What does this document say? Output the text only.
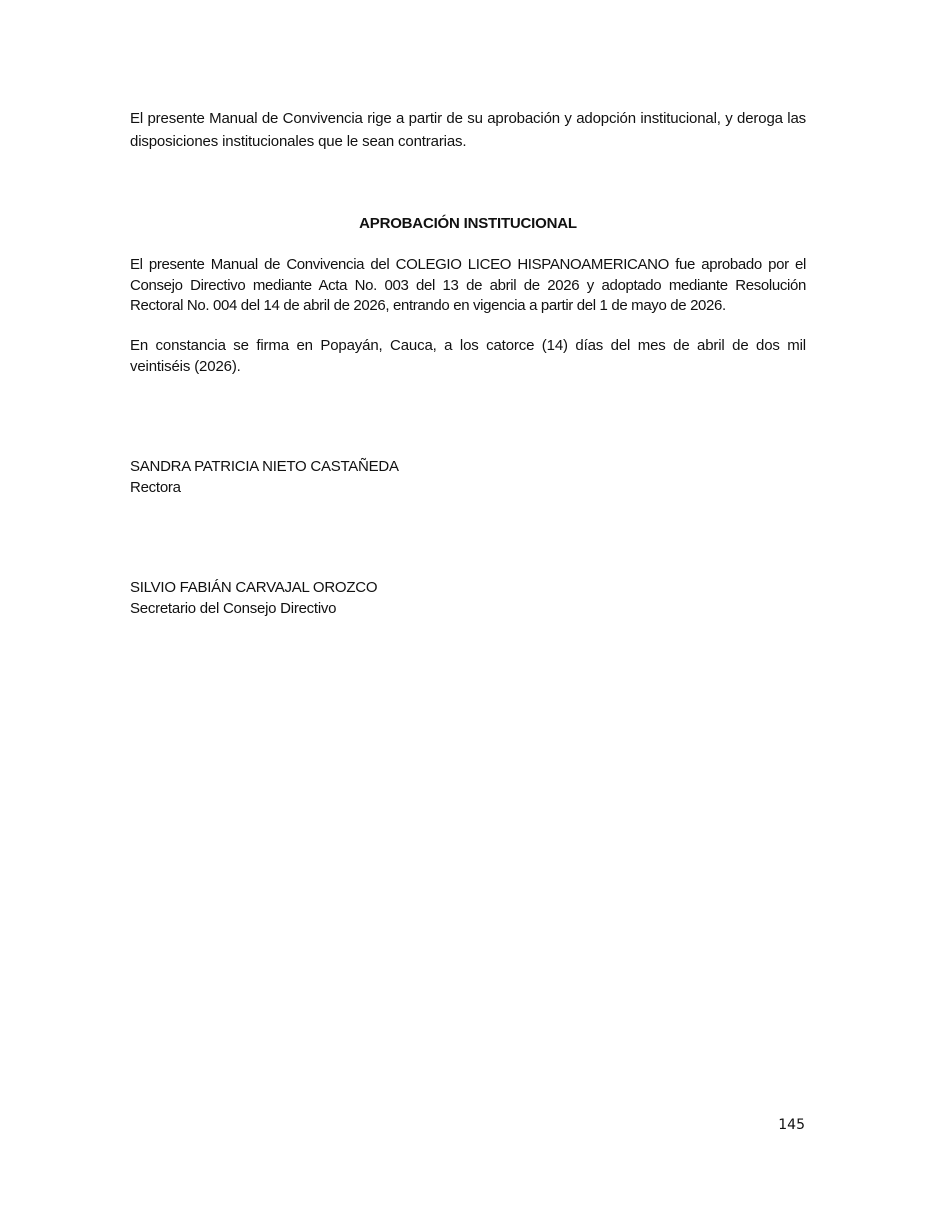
El presente Manual de Convivencia rige a partir de su aprobación y adopción institucional, y deroga las disposiciones institucionales que le sean contrarias.

APROBACIÓN INSTITUCIONAL

El presente Manual de Convivencia del COLEGIO LICEO HISPANOAMERICANO fue aprobado por el Consejo Directivo mediante Acta No. 003 del 13 de abril de 2026 y adoptado mediante Resolución Rectoral No. 004 del 14 de abril de 2026, entrando en vigencia a partir del 1 de mayo de 2026.

En constancia se firma en Popayán, Cauca, a los catorce (14) días del mes de abril de dos mil veintiséis (2026).

SANDRA PATRICIA NIETO CASTAÑEDA
Rectora
SILVIO FABIÁN CARVAJAL OROZCO
Secretario del Consejo Directivo
145
